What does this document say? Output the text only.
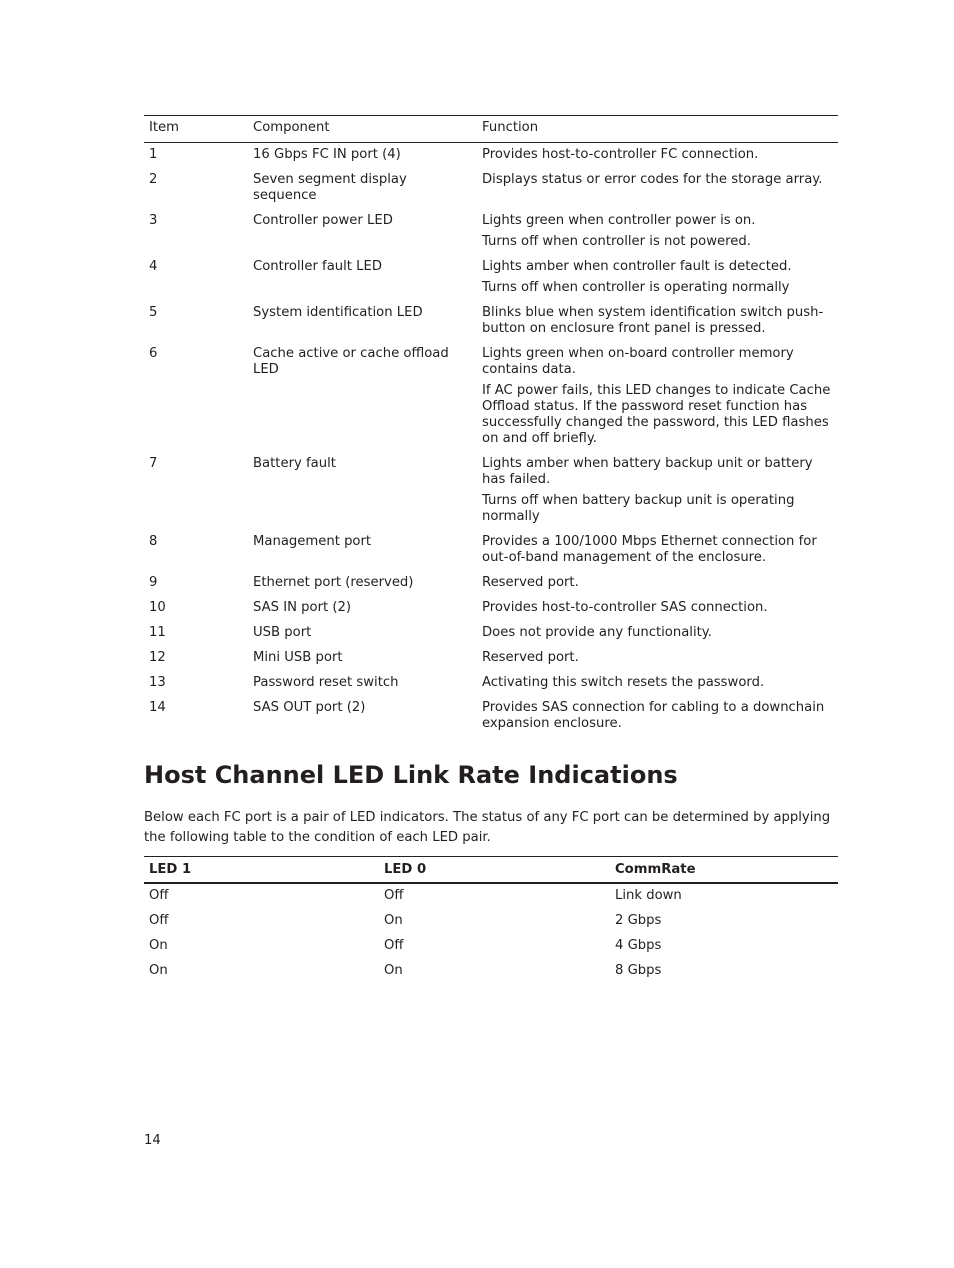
Item	Component	Function
1	16 Gbps FC IN port (4)	Provides host-to-controller FC connection.

2	Seven segment display sequence	Displays status or error codes for the storage array.

3	Controller power LED	Lights green when controller power is on.

Turns off when controller is not powered.

4	Controller fault LED	Lights amber when controller fault is detected.

Turns off when controller is operating normally

5	System identification LED	Blinks blue when system identification switch push-button on enclosure front panel is pressed.

6	Cache active or cache offload LED	Lights green when on-board controller memory contains data.

If AC power fails, this LED changes to indicate Cache Offload status. If the password reset function has successfully changed the password, this LED flashes on and off briefly.

7	Battery fault	Lights amber when battery backup unit or battery has failed.

Turns off when battery backup unit is operating normally

8	Management port	Provides a 100/1000 Mbps Ethernet connection for out-of-band management of the enclosure.

9	Ethernet port (reserved)	Reserved port.

10	SAS IN port (2)	Provides host-to-controller SAS connection.

11	USB port	Does not provide any functionality.

12	Mini USB port	Reserved port.

13	Password reset switch	Activating this switch resets the password.

14	SAS OUT port (2)	Provides SAS connection for cabling to a downchain expansion enclosure.

Host Channel LED Link Rate Indications

Below each FC port is a pair of LED indicators. The status of any FC port can be determined by applying the following table to the condition of each LED pair.

LED 1	LED 0	CommRate
Off	Off	Link down
Off	On	2 Gbps
On	Off	4 Gbps
On	On	8 Gbps
14
